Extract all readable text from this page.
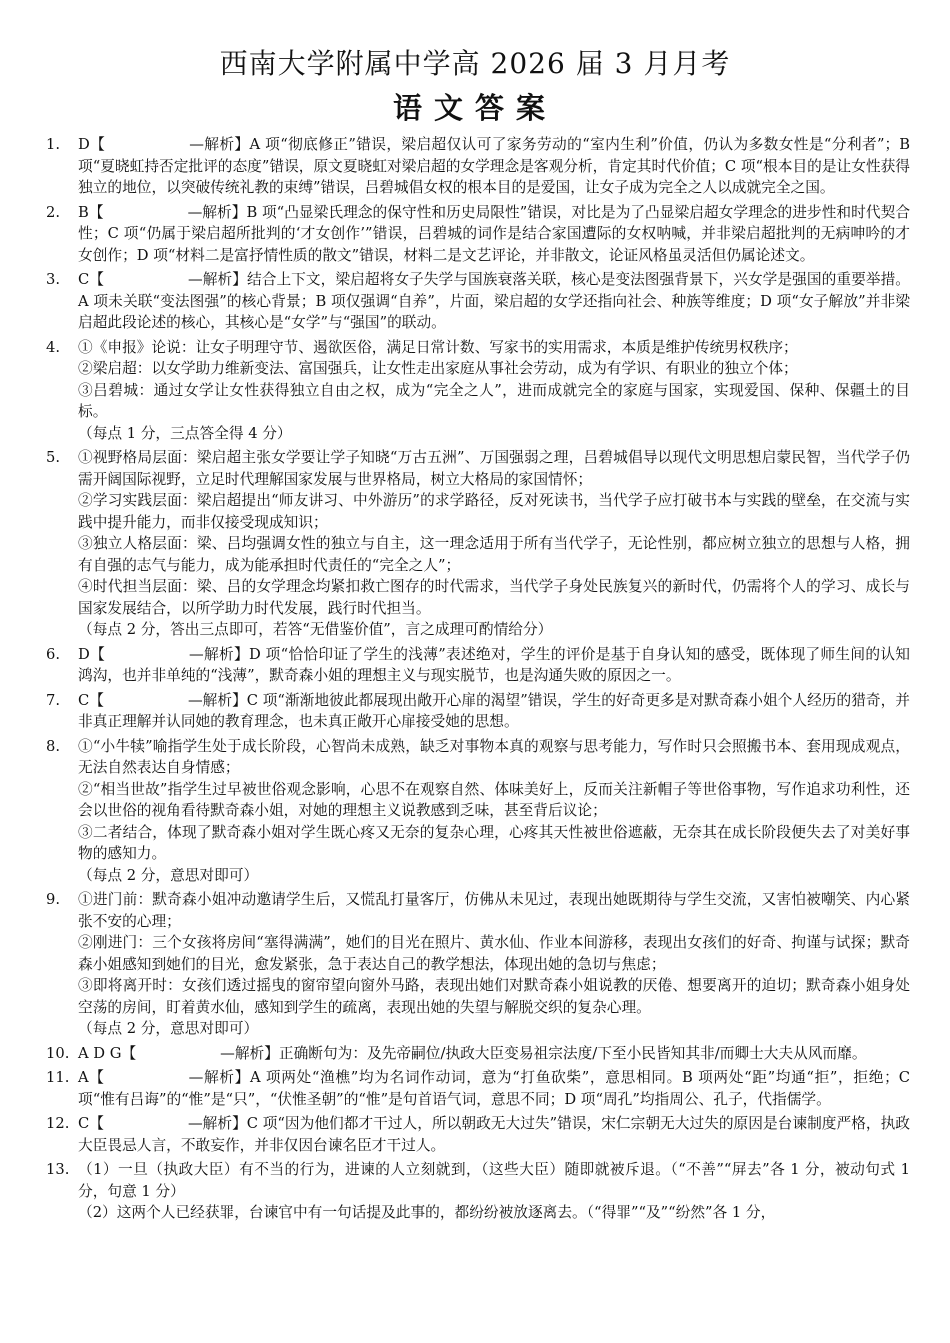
西南大学附属中学高 2026 届 3 月月考
语文答案
1. D【	—解析】A 项“彻底修正”错误，梁启超仅认可了家务劳动的“室内生利”价值，仍认为多数女性是“分利者”；B 项“夏晓虹持否定批评的态度”错误，原文夏晓虹对梁启超的女学理念是客观分析，肯定其时代价值；C 项“根本目的是让女性获得独立的地位，以突破传统礼教的束缚”错误，吕碧城倡女权的根本目的是爱国，让女子成为完全之人以成就完全之国。
2. B【	—解析】B 项“凸显梁氏理念的保守性和历史局限性”错误，对比是为了凸显梁启超女学理念的进步性和时代契合性；C 项“仍属于梁启超所批判的‘才女创作’”错误，吕碧城的词作是结合家国遭际的女权呐喊，并非梁启超批判的无病呻吟的才女创作；D 项“材料二是富抒情性质的散文”错误，材料二是文艺评论，并非散文，论证风格虽灵活但仍属论述文。
3. C【	—解析】结合上下文，梁启超将女子失学与国族衰落关联，核心是变法图强背景下，兴女学是强国的重要举措。A 项未关联“变法图强”的核心背景；B 项仅强调“自养”，片面，梁启超的女学还指向社会、种族等维度；D 项“女子解放”并非梁启超此段论述的核心，其核心是“女学”与“强国”的联动。
4. ①《申报》论说：让女子明理守节、遏欲医俗，满足日常计数、写家书的实用需求，本质是维护传统男权秩序；
②梁启超：以女学助力维新变法、富国强兵，让女性走出家庭从事社会劳动，成为有学识、有职业的独立个体；
③吕碧城：通过女学让女性获得独立自由之权，成为“完全之人”，进而成就完全的家庭与国家，实现爱国、保种、保疆土的目标。
（每点 1 分，三点答全得 4 分）
5. ①视野格局层面：梁启超主张女学要让学子知晓“万古五洲”、万国强弱之理，吕碧城倡导以现代文明思想启蒙民智，当代学子仍需开阔国际视野，立足时代理解国家发展与世界格局，树立大格局的家国情怀；
②学习实践层面：梁启超提出“师友讲习、中外游历”的求学路径，反对死读书，当代学子应打破书本与实践的壁垒，在交流与实践中提升能力，而非仅接受现成知识；
③独立人格层面：梁、吕均强调女性的独立与自主，这一理念适用于所有当代学子，无论性别，都应树立独立的思想与人格，拥有自强的志气与能力，成为能承担时代责任的“完全之人”；
④时代担当层面：梁、吕的女学理念均紧扣救亡图存的时代需求，当代学子身处民族复兴的新时代，仍需将个人的学习、成长与国家发展结合，以所学助力时代发展，践行时代担当。
（每点 2 分，答出三点即可，若答“无借鉴价值”，言之成理可酌情给分）
6. D【	—解析】D 项“恰恰印证了学生的浅薄”表述绝对，学生的评价是基于自身认知的感受，既体现了师生间的认知鸿沟，也并非单纯的“浅薄”，默奇森小姐的理想主义与现实脱节，也是沟通失败的原因之一。
7. C【	—解析】C 项“渐渐地彼此都展现出敞开心扉的渴望”错误，学生的好奇更多是对默奇森小姐个人经历的猎奇，并非真正理解并认同她的教育理念，也未真正敞开心扉接受她的思想。
8. ①“小牛犊”喻指学生处于成长阶段，心智尚未成熟，缺乏对事物本真的观察与思考能力，写作时只会照搬书本、套用现成观点，无法自然表达自身情感；
②“相当世故”指学生过早被世俗观念影响，心思不在观察自然、体味美好上，反而关注新帽子等世俗事物，写作追求功利性，还会以世俗的视角看待默奇森小姐，对她的理想主义说教感到乏味，甚至背后议论；
③二者结合，体现了默奇森小姐对学生既心疼又无奈的复杂心理，心疼其天性被世俗遮蔽，无奈其在成长阶段便失去了对美好事物的感知力。
（每点 2 分，意思对即可）
9. ①进门前：默奇森小姐冲动邀请学生后，又慌乱打量客厅，仿佛从未见过，表现出她既期待与学生交流，又害怕被嘲笑、内心紧张不安的心理；
②刚进门：三个女孩将房间“塞得满满”，她们的目光在照片、黄水仙、作业本间游移，表现出女孩们的好奇、拘谨与试探；默奇森小姐感知到她们的目光，愈发紧张，急于表达自己的教学想法，体现出她的急切与焦虑；
③即将离开时：女孩们透过摇曳的窗帘望向窗外马路，表现出她们对默奇森小姐说教的厌倦、想要离开的迫切；默奇森小姐身处空荡的房间，盯着黄水仙，感知到学生的疏离，表现出她的失望与解脱交织的复杂心理。
（每点 2 分，意思对即可）
10. A D G【	—解析】正确断句为：及先帝嗣位/执政大臣变易祖宗法度/下至小民皆知其非/而卿士大夫从风而靡。
11. A【	—解析】A 项两处“渔樵”均为名词作动词，意为“打鱼砍柴”，意思相同。B 项两处“距”均通“拒”，拒绝；C 项“惟有吕诲”的“惟”是“只”，“伏惟圣朝”的“惟”是句首语气词，意思不同；D 项“周孔”均指周公、孔子，代指儒学。
12. C【	—解析】C 项“因为他们都才干过人，所以朝政无大过失”错误，宋仁宗朝无大过失的原因是台谏制度严格，执政大臣畏忌人言，不敢妄作，并非仅因台谏名臣才干过人。
13. （1）一旦（执政大臣）有不当的行为，进谏的人立刻就到，（这些大臣）随即就被斥退。（“不善”“屏去”各 1 分，被动句式 1 分，句意 1 分）
（2）这两个人已经获罪，台谏官中有一句话提及此事的，都纷纷被放逐离去。（“得罪”“及”“纷然”各 1 分，
